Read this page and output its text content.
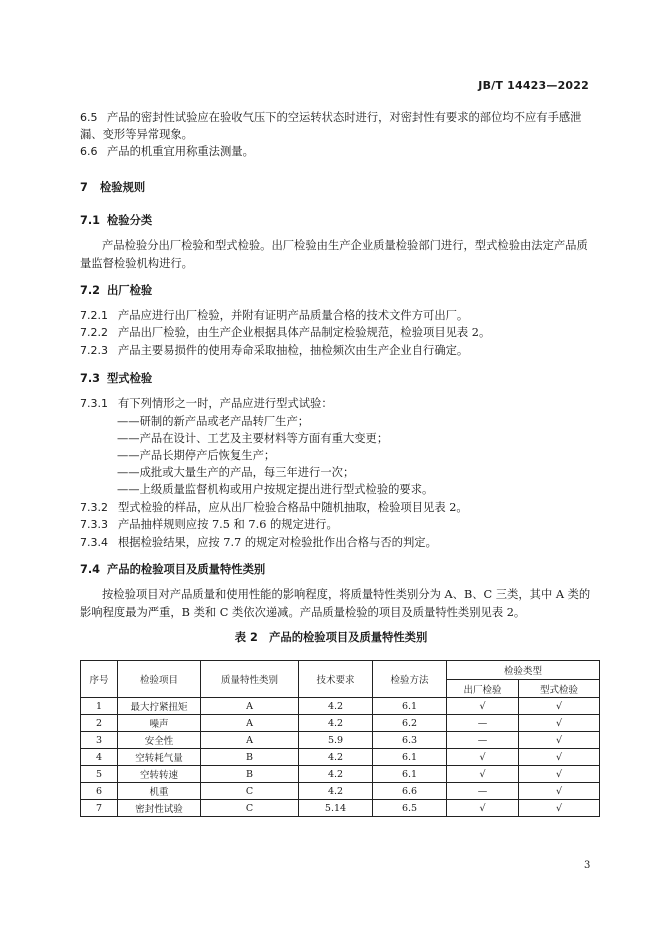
JB/T 14423—2022
6.5 产品的密封性试验应在验收气压下的空运转状态时进行，对密封性有要求的部位均不应有手感泄
漏、变形等异常现象。
6.6 产品的机重宜用称重法测量。
7 检验规则
7.1 检验分类
产品检验分出厂检验和型式检验。出厂检验由生产企业质量检验部门进行，型式检验由法定产品质
量监督检验机构进行。
7.2 出厂检验
7.2.1 产品应进行出厂检验，并附有证明产品质量合格的技术文件方可出厂。
7.2.2 产品出厂检验，由生产企业根据具体产品制定检验规范，检验项目见表 2。
7.2.3 产品主要易损件的使用寿命采取抽检，抽检频次由生产企业自行确定。
7.3 型式检验
7.3.1 有下列情形之一时，产品应进行型式试验：
——研制的新产品或老产品转厂生产；
——产品在设计、工艺及主要材料等方面有重大变更；
——产品长期停产后恢复生产；
——成批或大量生产的产品，每三年进行一次；
——上级质量监督机构或用户按规定提出进行型式检验的要求。
7.3.2 型式检验的样品，应从出厂检验合格品中随机抽取，检验项目见表 2。
7.3.3 产品抽样规则应按 7.5 和 7.6 的规定进行。
7.3.4 根据检验结果，应按 7.7 的规定对检验批作出合格与否的判定。
7.4 产品的检验项目及质量特性类别
按检验项目对产品质量和使用性能的影响程度，将质量特性类别分为 A、B、C 三类，其中 A 类的
影响程度最为严重，B 类和 C 类依次递减。产品质量检验的项目及质量特性类别见表 2。
表 2　产品的检验项目及质量特性类别
序号	检验项目	质量特性类别	技术要求	检验方法	检验类型	
					出厂检验	型式检验
1	最大拧紧扭矩	A	4.2	6.1	√	√
2	噪声	A	4.2	6.2	—	√
3	安全性	A	5.9	6.3	—	√
4	空转耗气量	B	4.2	6.1	√	√
5	空转转速	B	4.2	6.1	√	√
6	机重	C	4.2	6.6	—	√
7	密封性试验	C	5.14	6.5	√	√
3
